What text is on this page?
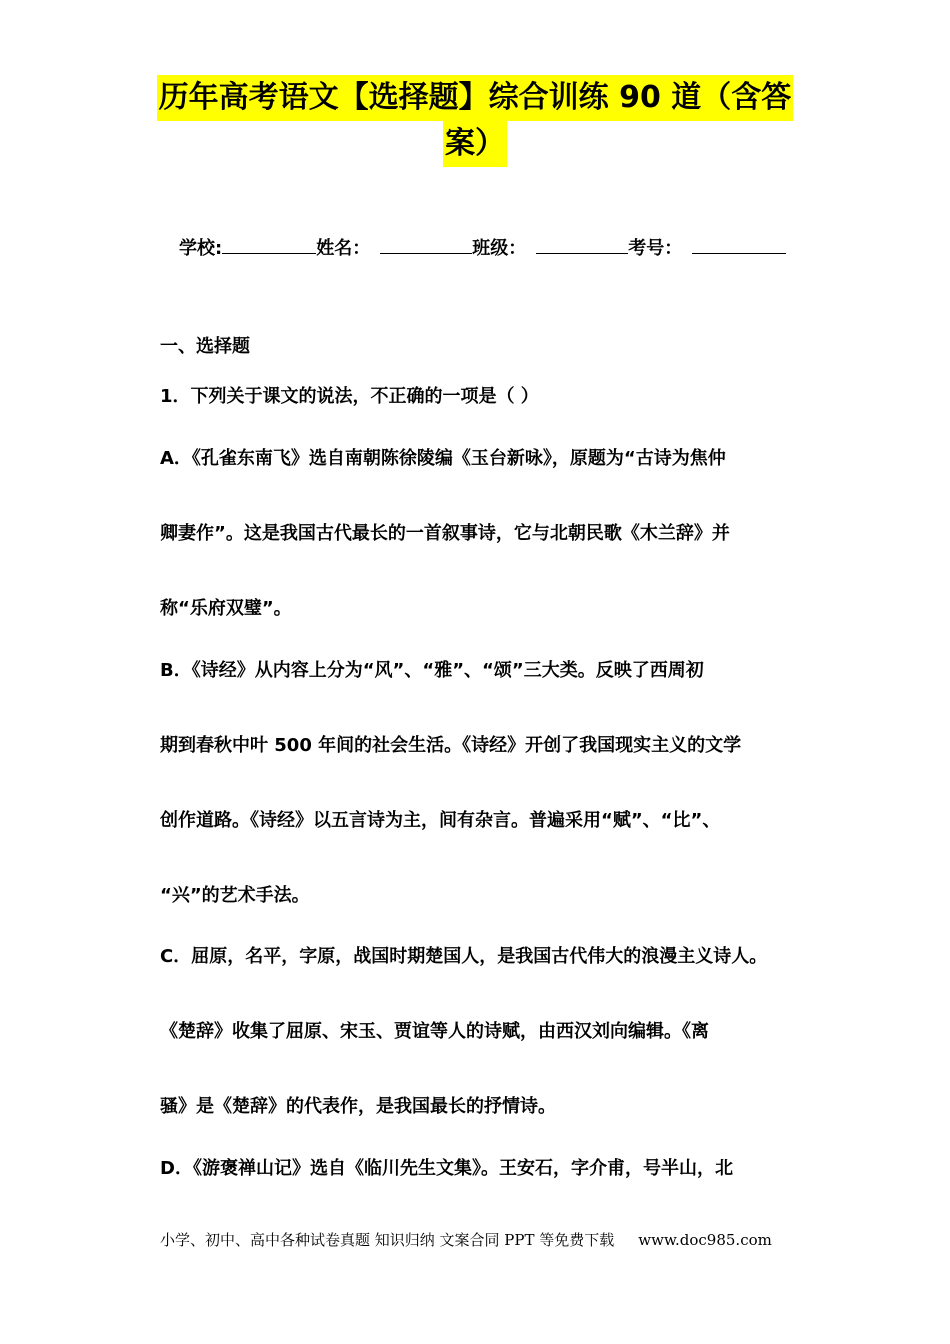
历年高考语文【选择题】综合训练 90 道（含答
案）
学校:	姓名：	班级：	考号：
一、选择题
1．下列关于课文的说法，不正确的一项是（ ）
A．《孔雀东南飞》选自南朝陈徐陵编《玉台新咏》，原题为“古诗为焦仲
卿妻作”。这是我国古代最长的一首叙事诗，它与北朝民歌《木兰辞》并
称“乐府双璧”。
B．《诗经》从内容上分为“风”、“雅”、“颂”三大类。反映了西周初
期到春秋中叶 500 年间的社会生活。《诗经》开创了我国现实主义的文学
创作道路。《诗经》以五言诗为主，间有杂言。普遍采用“赋”、“比”、
“兴”的艺术手法。
C．屈原，名平，字原，战国时期楚国人，是我国古代伟大的浪漫主义诗人。
《楚辞》收集了屈原、宋玉、贾谊等人的诗赋，由西汉刘向编辑。《离
骚》是《楚辞》的代表作，是我国最长的抒情诗。
D．《游褒禅山记》选自《临川先生文集》。王安石，字介甫，号半山，北
小学、初中、高中各种试卷真题 知识归纳 文案合同 PPT 等免费下载 www.doc985.com
